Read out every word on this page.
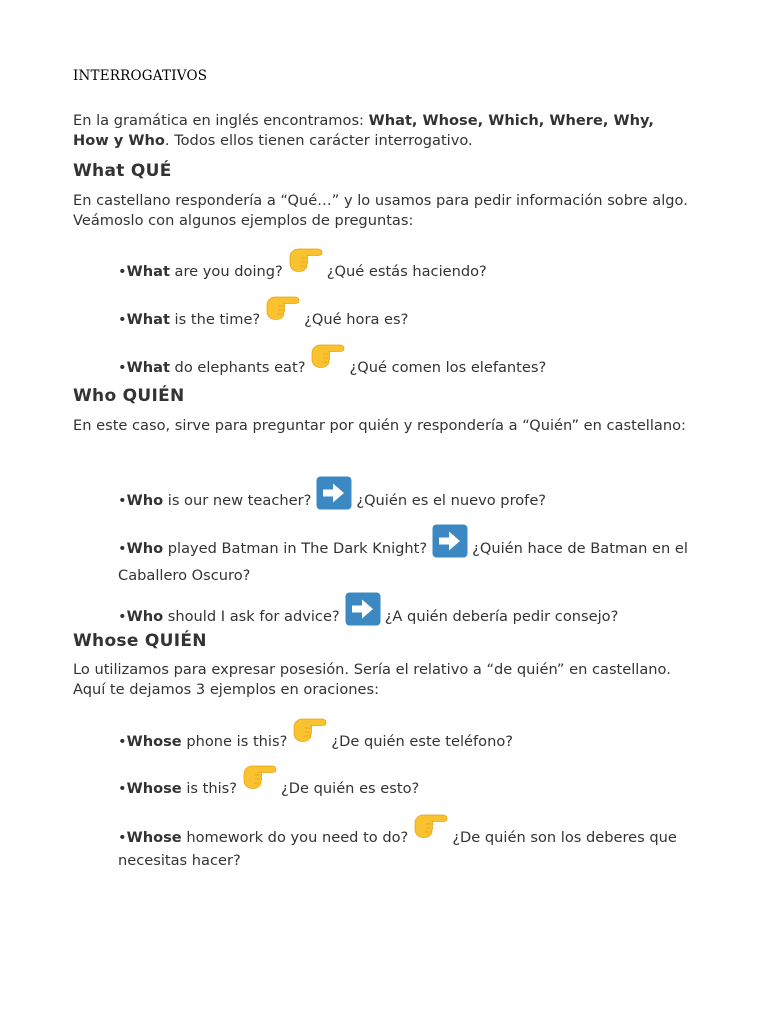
INTERROGATIVOS
En la gramática en inglés encontramos: What, Whose, Which, Where, Why, How y Who. Todos ellos tienen carácter interrogativo.
What QUÉ
En castellano respondería a “Qué…” y lo usamos para pedir información sobre algo. Veámoslo con algunos ejemplos de preguntas:
•What are you doing?	¿Qué estás haciendo?
•What is the time?	¿Qué hora es?
•What do elephants eat?	¿Qué comen los elefantes?
Who QUIÉN
En este caso, sirve para preguntar por quién y respondería a “Quién” en castellano:
•Who is our new teacher?	¿Quién es el nuevo profe?
•Who played Batman in The Dark Knight?	¿Quién hace de Batman en el Caballero Oscuro?
•Who should I ask for advice?	¿A quién debería pedir consejo?
Whose QUIÉN
Lo utilizamos para expresar posesión. Sería el relativo a “de quién” en castellano. Aquí te dejamos 3 ejemplos en oraciones:
•Whose phone is this?	¿De quién este teléfono?
•Whose is this?	¿De quién es esto?
•Whose homework do you need to do?	¿De quién son los deberes que necesitas hacer?
